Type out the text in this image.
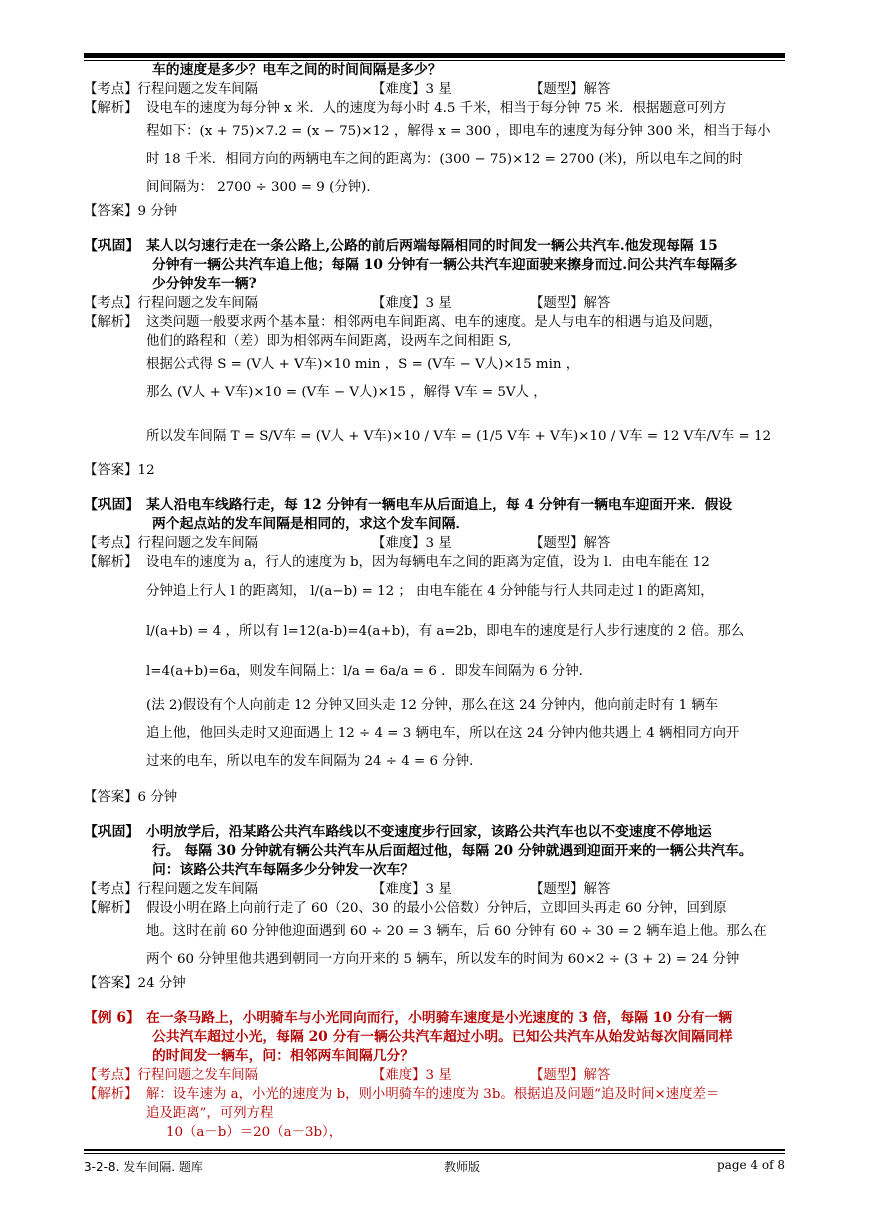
车的速度是多少？电车之间的时间间隔是多少？
【考点】行程问题之发车间隔	【难度】3 星	【题型】解答
【解析】 设电车的速度为每分钟 x 米．人的速度为每小时 4.5 千米，相当于每分钟 75 米．根据题意可列方
程如下：(x + 75)×7.2 = (x − 75)×12 ，解得 x = 300 ，即电车的速度为每分钟 300 米，相当于每小
时 18 千米．相同方向的两辆电车之间的距离为：(300 − 75)×12 = 2700 (米)，所以电车之间的时
间间隔为： 2700 ÷ 300 = 9 (分钟)．
【答案】9 分钟
【巩固】 某人以匀速行走在一条公路上,公路的前后两端每隔相同的时间发一辆公共汽车.他发现每隔 15
分钟有一辆公共汽车追上他；每隔 10 分钟有一辆公共汽车迎面驶来擦身而过.问公共汽车每隔多
少分钟发车一辆?
【考点】行程问题之发车间隔	【难度】3 星	【题型】解答
【解析】 这类问题一般要求两个基本量：相邻两电车间距离、电车的速度。是人与电车的相遇与追及问题，
他们的路程和（差）即为相邻两车间距离，设两车之间相距 S,
根据公式得 S = (V人 + V车)×10 min ，S = (V车 − V人)×15 min ，
那么 (V人 + V车)×10 = (V车 − V人)×15 ，解得 V车 = 5V人 ，
所以发车间隔 T = S/V车 = (V人 + V车)×10 / V车 = (1/5 V车 + V车)×10 / V车 = 12 V车/V车 = 12
【答案】12
【巩固】 某人沿电车线路行走，每 12 分钟有一辆电车从后面追上，每 4 分钟有一辆电车迎面开来．假设
两个起点站的发车间隔是相同的，求这个发车间隔．
【考点】行程问题之发车间隔	【难度】3 星	【题型】解答
【解析】 设电车的速度为 a，行人的速度为 b，因为每辆电车之间的距离为定值，设为 l．由电车能在 12
分钟追上行人 l 的距离知， l/(a−b) = 12 ； 由电车能在 4 分钟能与行人共同走过 l 的距离知，
l/(a+b) = 4 ，所以有 l=12(a-b)=4(a+b)，有 a=2b，即电车的速度是行人步行速度的 2 倍。那么
l=4(a+b)=6a，则发车间隔上：l/a = 6a/a = 6 ．即发车间隔为 6 分钟．
(法 2)假设有个人向前走 12 分钟又回头走 12 分钟，那么在这 24 分钟内，他向前走时有 1 辆车
追上他，他回头走时又迎面遇上 12 ÷ 4 = 3 辆电车，所以在这 24 分钟内他共遇上 4 辆相同方向开
过来的电车，所以电车的发车间隔为 24 ÷ 4 = 6 分钟．
【答案】6 分钟
【巩固】 小明放学后，沿某路公共汽车路线以不变速度步行回家，该路公共汽车也以不变速度不停地运
行。 每隔 30 分钟就有辆公共汽车从后面超过他，每隔 20 分钟就遇到迎面开来的一辆公共汽车。
问：该路公共汽车每隔多少分钟发一次车？
【考点】行程问题之发车间隔	【难度】3 星	【题型】解答
【解析】 假设小明在路上向前行走了 60（20、30 的最小公倍数）分钟后，立即回头再走 60 分钟，回到原
地。这时在前 60 分钟他迎面遇到 60 ÷ 20 = 3 辆车，后 60 分钟有 60 ÷ 30 = 2 辆车追上他。那么在
两个 60 分钟里他共遇到朝同一方向开来的 5 辆车，所以发车的时间为 60×2 ÷ (3 + 2) = 24 分钟
【答案】24 分钟
【例 6】 在一条马路上，小明骑车与小光同向而行，小明骑车速度是小光速度的 3 倍，每隔 10 分有一辆
公共汽车超过小光，每隔 20 分有一辆公共汽车超过小明。已知公共汽车从始发站每次间隔同样
的时间发一辆车，问：相邻两车间隔几分？
【考点】行程问题之发车间隔	【难度】3 星	【题型】解答
【解析】 解：设车速为 a，小光的速度为 b，则小明骑车的速度为 3b。根据追及问题“追及时间×速度差＝
追及距离”，可列方程
10（a－b）＝20（a－3b），
3-2-8. 发车间隔. 题库	教师版	page 4 of 8
